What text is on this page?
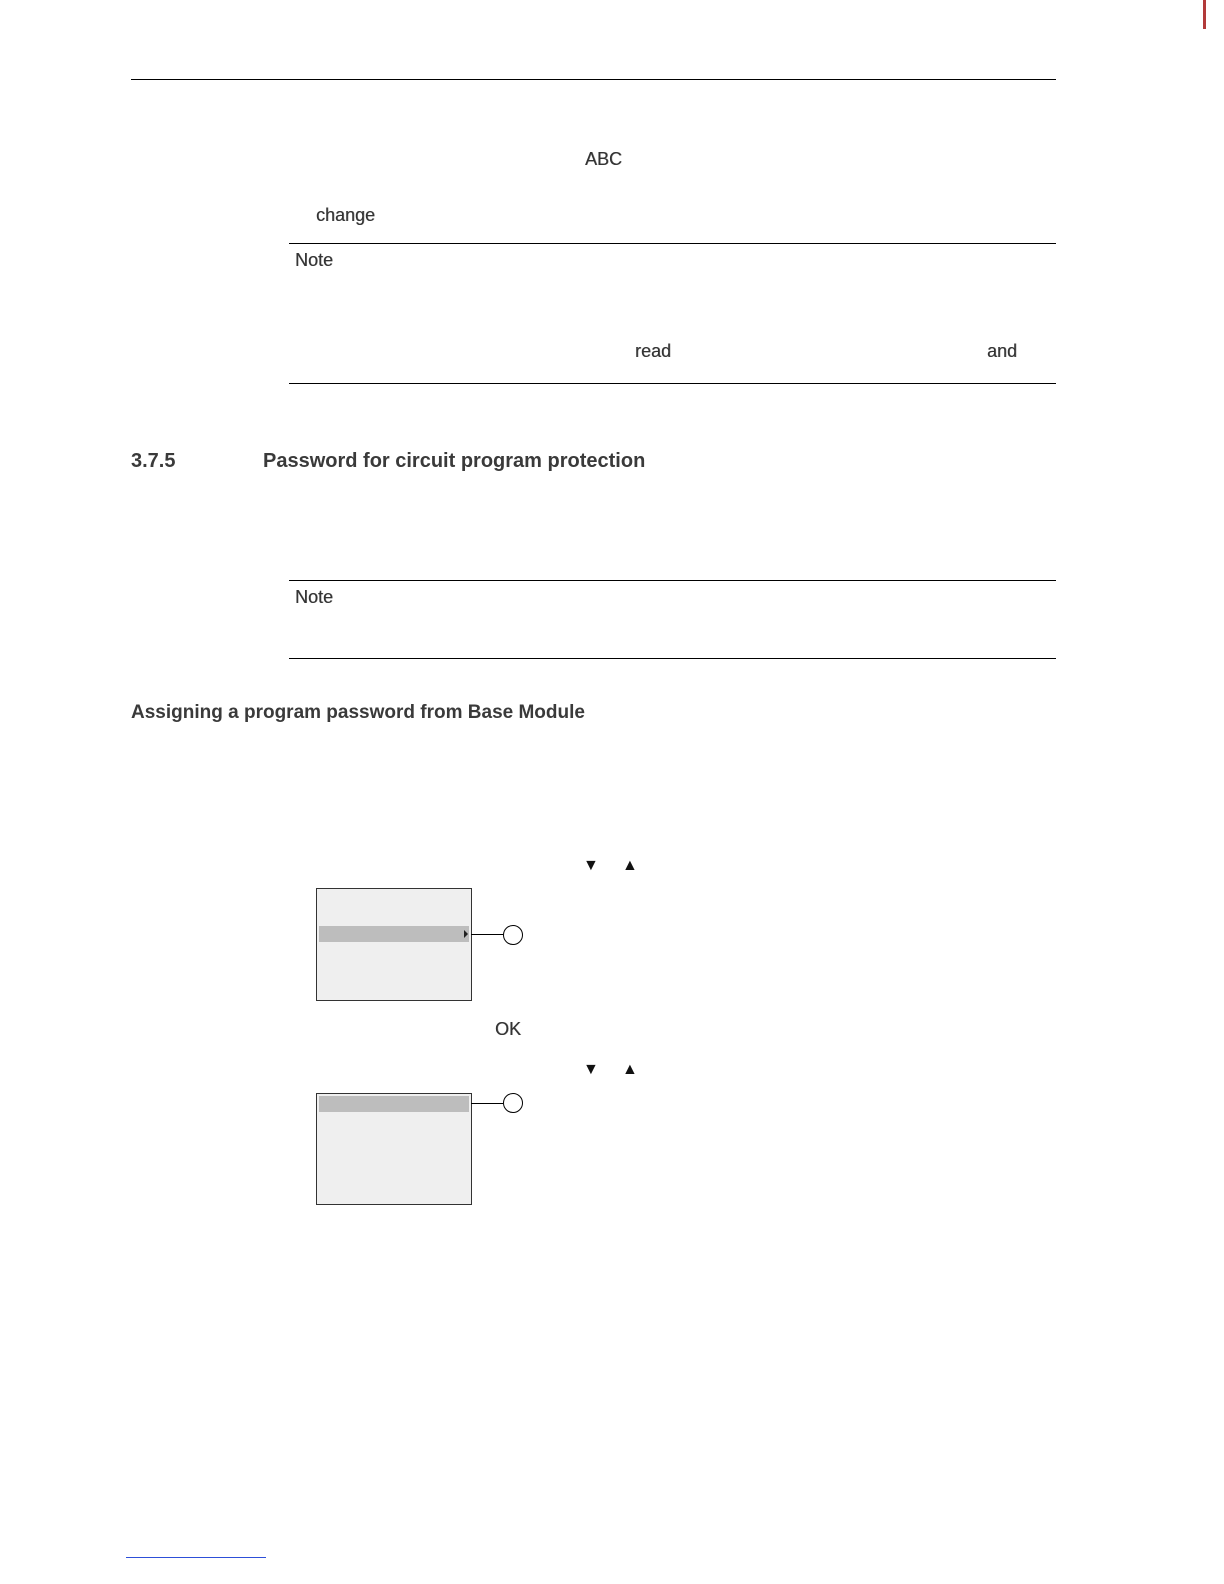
ABC
change
Note
read	and
3.7.5	Password for circuit program protection
Note
Assigning a program password from Base Module
▼ ▲
OK
▼ ▲
